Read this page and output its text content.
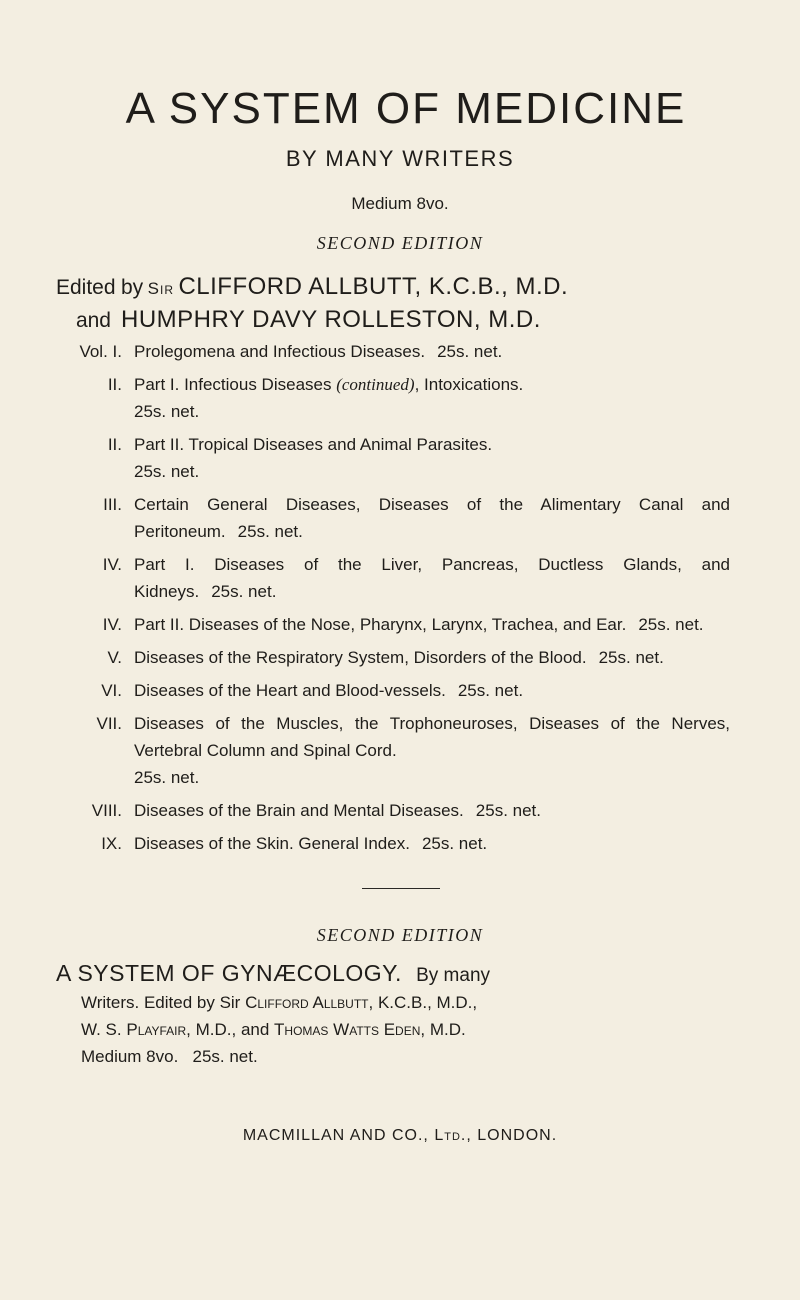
A SYSTEM OF MEDICINE
BY MANY WRITERS
Medium 8vo.
SECOND EDITION
Edited by Sir CLIFFORD ALLBUTT, K.C.B., M.D.
and HUMPHRY DAVY ROLLESTON, M.D.
Vol. I. Prolegomena and Infectious Diseases. 25s. net.
II. Part I. Infectious Diseases (continued), Intoxications.
25s. net.
II. Part II. Tropical Diseases and Animal Parasites.
25s. net.
III. Certain General Diseases, Diseases of the Alimentary Canal and Peritoneum. 25s. net.
IV. Part I. Diseases of the Liver, Pancreas, Ductless Glands, and Kidneys. 25s. net.
IV. Part II. Diseases of the Nose, Pharynx, Larynx, Trachea, and Ear. 25s. net.
V. Diseases of the Respiratory System, Disorders of the Blood. 25s. net.
VI. Diseases of the Heart and Blood-vessels. 25s. net.
VII. Diseases of the Muscles, the Trophoneuroses, Diseases of the Nerves, Vertebral Column and Spinal Cord.
25s. net.
VIII. Diseases of the Brain and Mental Diseases. 25s. net.
IX. Diseases of the Skin. General Index. 25s. net.
SECOND EDITION
A SYSTEM OF GYNÆCOLOGY. By many
Writers. Edited by Sir Clifford Allbutt, K.C.B., M.D.,
W. S. Playfair, M.D., and Thomas Watts Eden, M.D.
Medium 8vo. 25s. net.
MACMILLAN AND CO., Ltd., LONDON.
